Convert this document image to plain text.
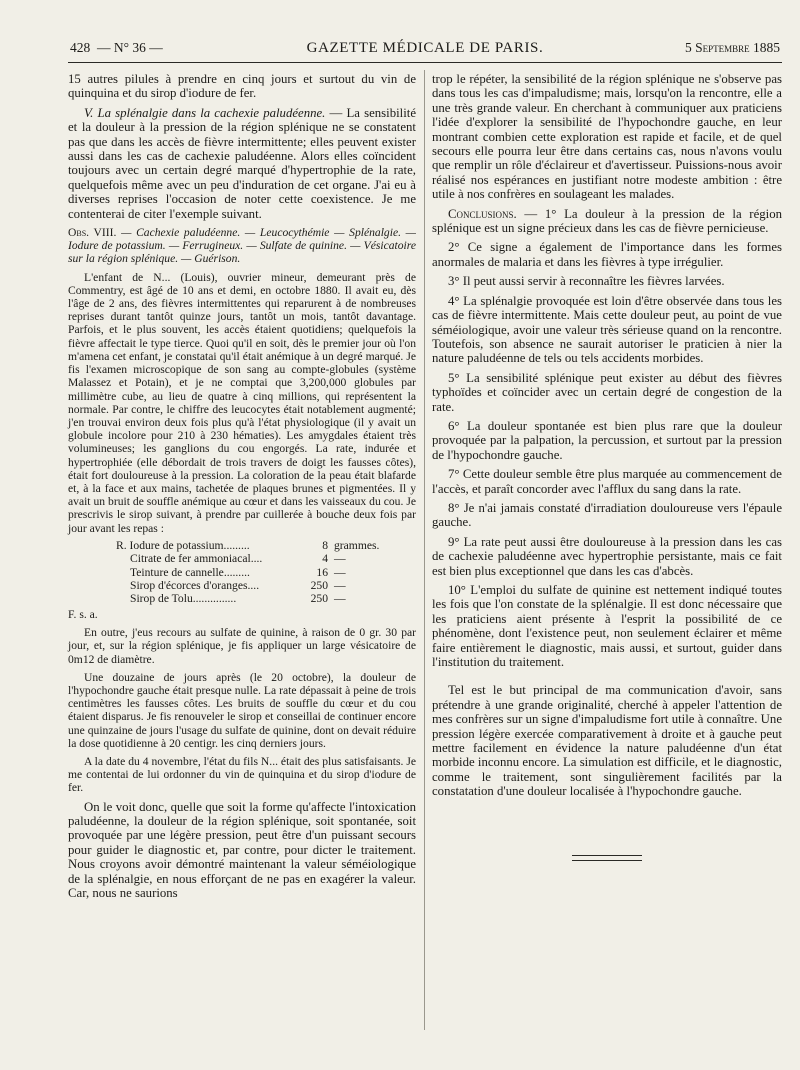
428 — N° 36 —	GAZETTE MÉDICALE DE PARIS.	5 Septembre 1885

15 autres pilules à prendre en cinq jours et surtout du vin de quinquina et du sirop d'iodure de fer.

V. La splénalgie dans la cachexie paludéenne. — La sensibilité et la douleur à la pression de la région splénique ne se constatent pas que dans les accès de fièvre intermittente; elles peuvent exister aussi dans les cas de cachexie paludéenne. Alors elles coïncident toujours avec un certain degré marqué d'hypertrophie de la rate, quelquefois même avec un peu d'induration de cet organe. J'ai eu à diverses reprises l'occasion de noter cette coexistence. Je me contenterai de citer l'exemple suivant.

Obs. VIII. — Cachexie paludéenne. — Leucocythémie — Splénalgie. — Iodure de potassium. — Ferrugineux. — Sulfate de quinine. — Vésicatoire sur la région splénique. — Guérison.

L'enfant de N... (Louis), ouvrier mineur, demeurant près de Commentry, est âgé de 10 ans et demi, en octobre 1880. Il avait eu, dès l'âge de 2 ans, des fièvres intermittentes qui reparurent à de nombreuses reprises durant tantôt quinze jours, tantôt un mois, tantôt davantage. Parfois, et le plus souvent, les accès étaient quotidiens; quelquefois la fièvre affectait le type tierce. Quoi qu'il en soit, dès le premier jour où l'on m'amena cet enfant, je constatai qu'il était anémique à un degré marqué. Je fis l'examen microscopique de son sang au compte-globules (système Malassez et Potain), et je ne comptai que 3,200,000 globules par millimètre cube, au lieu de quatre à cinq millions, qui représentent la normale. Par contre, le chiffre des leucocytes était notablement augmenté; j'en trouvai environ deux fois plus qu'à l'état physiologique (il y avait un globule incolore pour 210 à 230 hématies). Les amygdales étaient très volumineuses; les ganglions du cou engorgés. La rate, indurée et hypertrophiée (elle débordait de trois travers de doigt les fausses côtes), était fort douloureuse à la pression. La coloration de la peau était blafarde et, à la face et aux mains, tachetée de plaques brunes et pigmentées. Il y avait un bruit de souffle anémique au cœur et dans les vaisseaux du cou. Je prescrivis le sirop suivant, à prendre par cuillerée à bouche deux fois par jour avant les repas :

R. Iodure de potassium.........	8 grammes.
Citrate de fer ammoniacal....	4 —
Teinture de cannelle.........	16 —
Sirop d'écorces d'oranges....	250 —
Sirop de Tolu...............	250 —

F. s. a.

En outre, j'eus recours au sulfate de quinine, à raison de 0 gr. 30 par jour, et, sur la région splénique, je fis appliquer un large vésicatoire de 0m12 de diamètre.

Une douzaine de jours après (le 20 octobre), la douleur de l'hypochondre gauche était presque nulle. La rate dépassait à peine de trois centimètres les fausses côtes. Les bruits de souffle du cœur et du cou étaient disparus. Je fis renouveler le sirop et conseillai de continuer encore une quinzaine de jours l'usage du sulfate de quinine, dont on devait réduire la dose quotidienne à 20 centigr. les cinq derniers jours.

A la date du 4 novembre, l'état du fils N... était des plus satisfaisants. Je me contentai de lui ordonner du vin de quinquina et du sirop d'iodure de fer.

On le voit donc, quelle que soit la forme qu'affecte l'intoxication paludéenne, la douleur de la région splénique, soit spontanée, soit provoquée par une légère pression, peut être d'un puissant secours pour guider le diagnostic et, par contre, pour dicter le traitement. Nous croyons avoir démontré maintenant la valeur séméiologique de la splénalgie, en nous efforçant de ne pas en exagérer la valeur. Car, nous ne saurions

trop le répéter, la sensibilité de la région splénique ne s'observe pas dans tous les cas d'impaludisme; mais, lorsqu'on la rencontre, elle a une très grande valeur. En cherchant à communiquer aux praticiens l'idée d'explorer la sensibilité de l'hypochondre gauche, en leur montrant combien cette exploration est rapide et facile, et de quel secours elle pourra leur être dans certains cas, nous n'avons voulu que remplir un rôle d'éclaireur et d'avertisseur. Puissions-nous avoir réalisé nos espérances en justifiant notre modeste ambition : être utile à nos confrères en soulageant les malades.

Conclusions. — 1° La douleur à la pression de la région splénique est un signe précieux dans les cas de fièvre pernicieuse.

2° Ce signe a également de l'importance dans les formes anormales de malaria et dans les fièvres à type irrégulier.

3° Il peut aussi servir à reconnaître les fièvres larvées.

4° La splénalgie provoquée est loin d'être observée dans tous les cas de fièvre intermittente. Mais cette douleur peut, au point de vue séméiologique, avoir une valeur très sérieuse quand on la rencontre. Toutefois, son absence ne saurait autoriser le praticien à nier la nature paludéenne de tels ou tels accidents morbides.

5° La sensibilité splénique peut exister au début des fièvres typhoïdes et coïncider avec un certain degré de congestion de la rate.

6° La douleur spontanée est bien plus rare que la douleur provoquée par la palpation, la percussion, et surtout par la pression de l'hypochondre gauche.

7° Cette douleur semble être plus marquée au commencement de l'accès, et paraît concorder avec l'afflux du sang dans la rate.

8° Je n'ai jamais constaté d'irradiation douloureuse vers l'épaule gauche.

9° La rate peut aussi être douloureuse à la pression dans les cas de cachexie paludéenne avec hypertrophie persistante, mais ce fait est bien plus exceptionnel que dans les cas d'abcès.

10° L'emploi du sulfate de quinine est nettement indiqué toutes les fois que l'on constate de la splénalgie. Il est donc nécessaire que les praticiens aient présente à l'esprit la possibilité de ce phénomène, dont l'existence peut, non seulement éclairer et même faire entièrement le diagnostic, mais aussi, et surtout, guider dans l'institution du traitement.

Tel est le but principal de ma communication d'avoir, sans prétendre à une grande originalité, cherché à appeler l'attention de mes confrères sur un signe d'impaludisme fort utile à connaître. Une pression légère exercée comparativement à droite et à gauche peut mettre facilement en évidence la nature paludéenne d'un état morbide inconnu encore. La simulation est difficile, et le diagnostic, comme le traitement, sont singulièrement facilités par la constatation d'une douleur localisée à l'hypochondre gauche.
